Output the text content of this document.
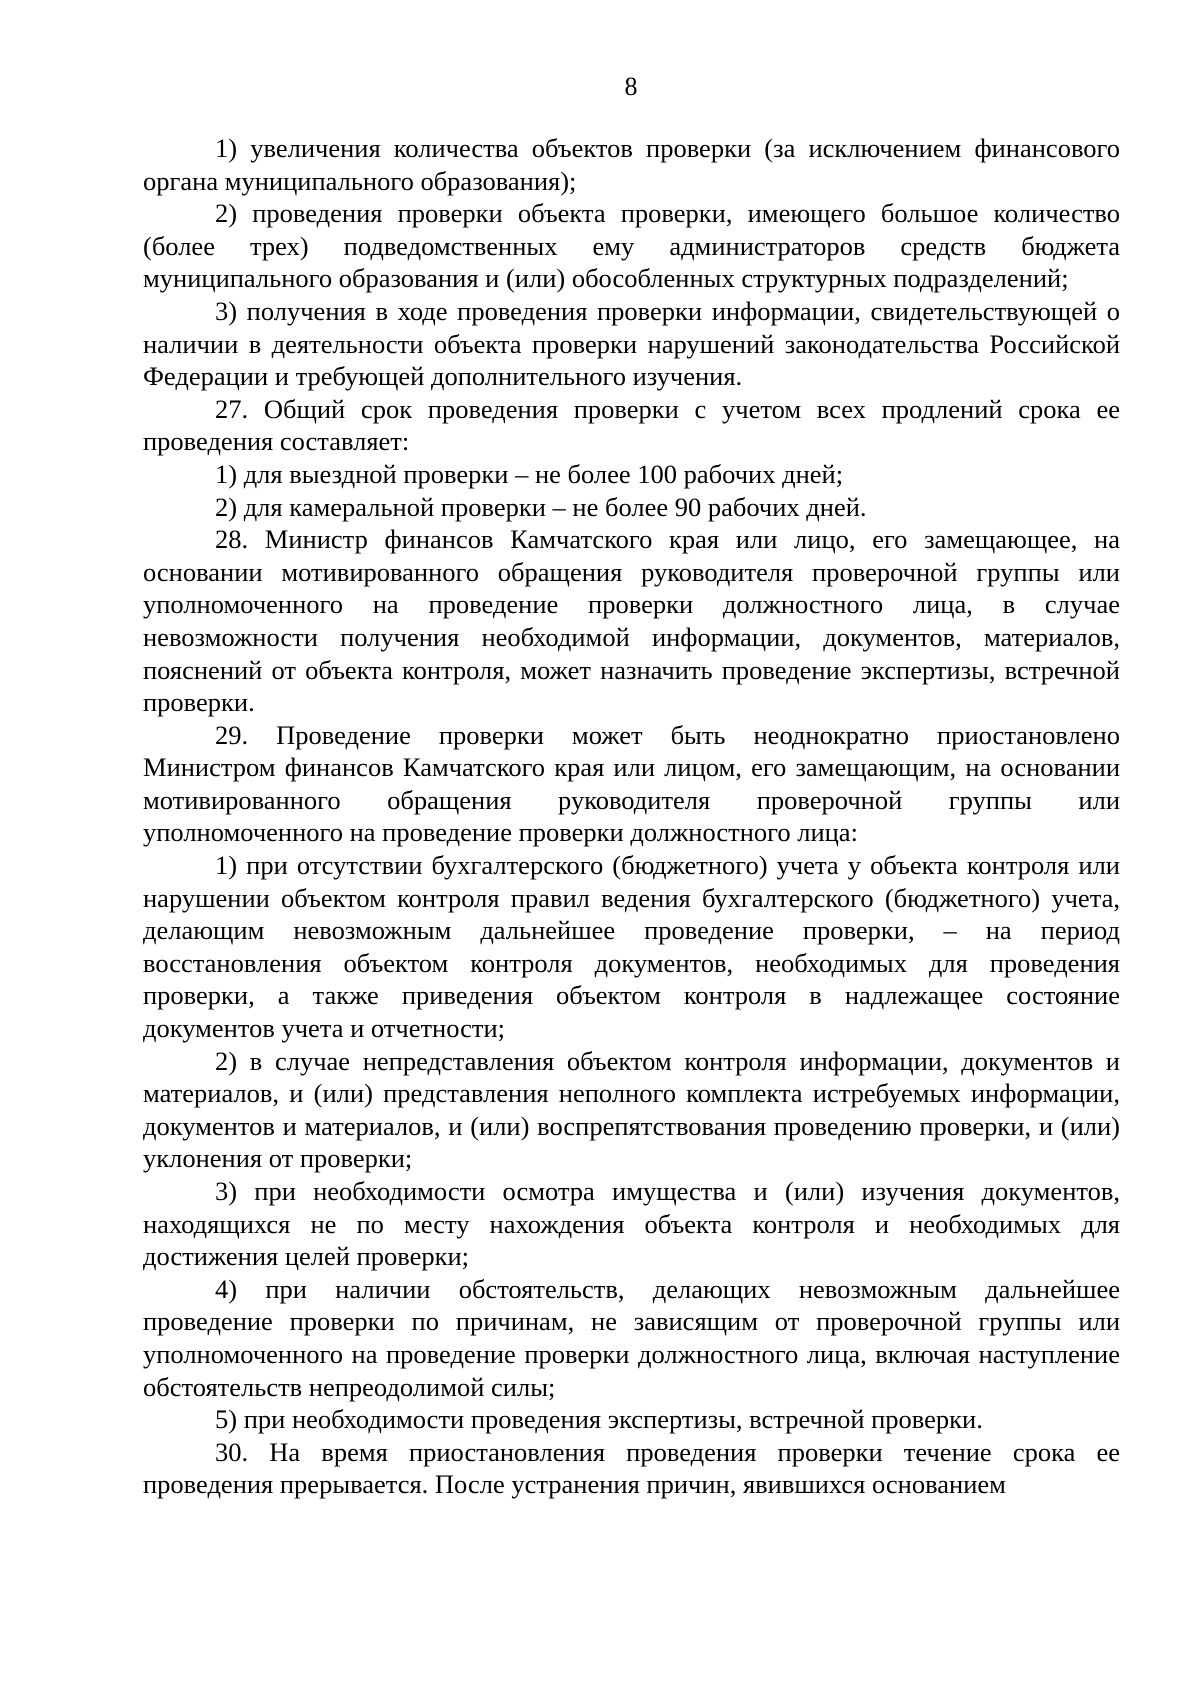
8

1) увеличения количества объектов проверки (за исключением финансового органа муниципального образования);

2) проведения проверки объекта проверки, имеющего большое количество (более трех) подведомственных ему администраторов средств бюджета муниципального образования и (или) обособленных структурных подразделений;

3) получения в ходе проведения проверки информации, свидетельствующей о наличии в деятельности объекта проверки нарушений законодательства Российской Федерации и требующей дополнительного изучения.

27. Общий срок проведения проверки с учетом всех продлений срока ее проведения составляет:

1) для выездной проверки – не более 100 рабочих дней;

2) для камеральной проверки – не более 90 рабочих дней.

28. Министр финансов Камчатского края или лицо, его замещающее, на основании мотивированного обращения руководителя проверочной группы или уполномоченного на проведение проверки должностного лица, в случае невозможности получения необходимой информации, документов, материалов, пояснений от объекта контроля, может назначить проведение экспертизы, встречной проверки.

29. Проведение проверки может быть неоднократно приостановлено Министром финансов Камчатского края или лицом, его замещающим, на основании мотивированного обращения руководителя проверочной группы или уполномоченного на проведение проверки должностного лица:

1) при отсутствии бухгалтерского (бюджетного) учета у объекта контроля или нарушении объектом контроля правил ведения бухгалтерского (бюджетного) учета, делающим невозможным дальнейшее проведение проверки, – на период восстановления объектом контроля документов, необходимых для проведения проверки, а также приведения объектом контроля в надлежащее состояние документов учета и отчетности;

2) в случае непредставления объектом контроля информации, документов и материалов, и (или) представления неполного комплекта истребуемых информации, документов и материалов, и (или) воспрепятствования проведению проверки, и (или) уклонения от проверки;

3) при необходимости осмотра имущества и (или) изучения документов, находящихся не по месту нахождения объекта контроля и необходимых для достижения целей проверки;

4) при наличии обстоятельств, делающих невозможным дальнейшее проведение проверки по причинам, не зависящим от проверочной группы или уполномоченного на проведение проверки должностного лица, включая наступление обстоятельств непреодолимой силы;

5) при необходимости проведения экспертизы, встречной проверки.

30. На время приостановления проведения проверки течение срока ее проведения прерывается. После устранения причин, явившихся основанием
